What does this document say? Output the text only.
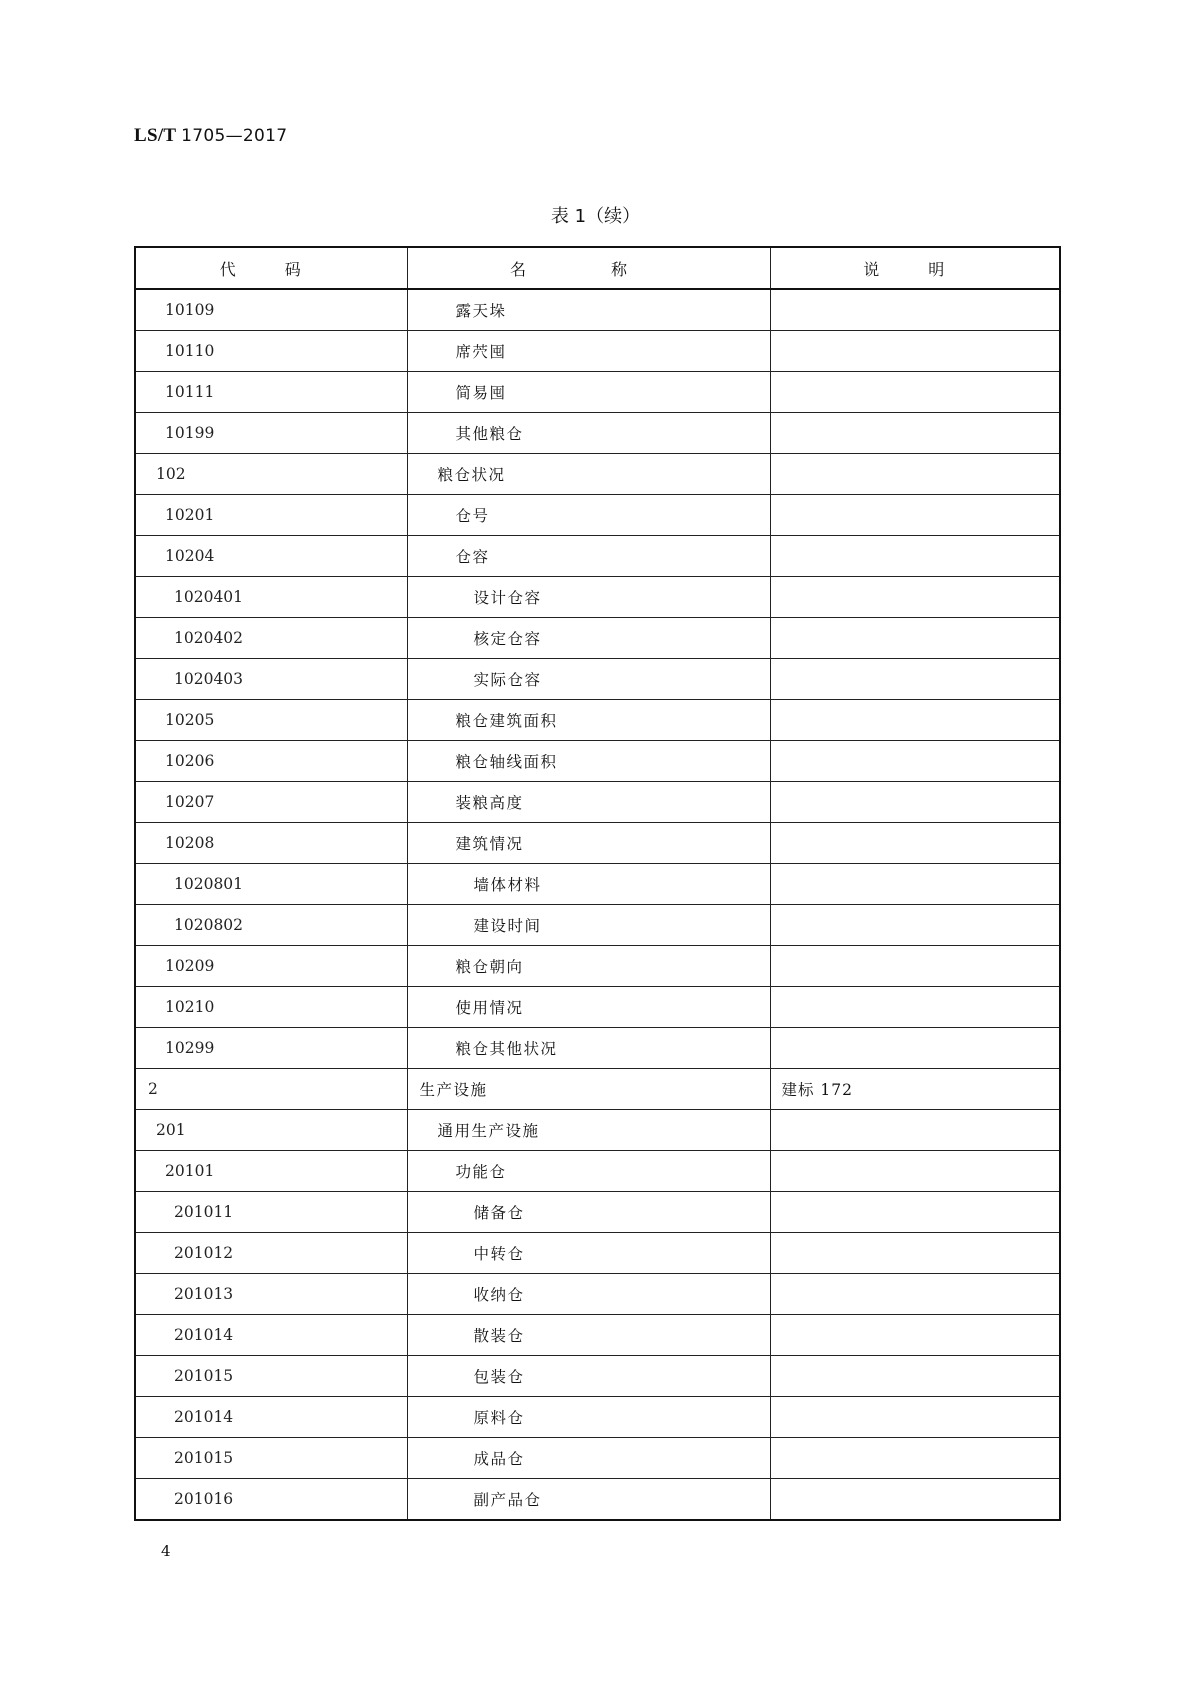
LS/T 1705—2017
表 1（续）
代 码	名 称	说 明
10109	露天垛	
10110	席茓囤	
10111	简易囤	
10199	其他粮仓	
102	粮仓状况	
10201	仓号	
10204	仓容	
1020401	设计仓容	
1020402	核定仓容	
1020403	实际仓容	
10205	粮仓建筑面积	
10206	粮仓轴线面积	
10207	装粮高度	
10208	建筑情况	
1020801	墙体材料	
1020802	建设时间	
10209	粮仓朝向	
10210	使用情况	
10299	粮仓其他状况	
2	生产设施	建标 172
201	通用生产设施	
20101	功能仓	
201011	储备仓	
201012	中转仓	
201013	收纳仓	
201014	散装仓	
201015	包装仓	
201014	原料仓	
201015	成品仓	
201016	副产品仓	
4
